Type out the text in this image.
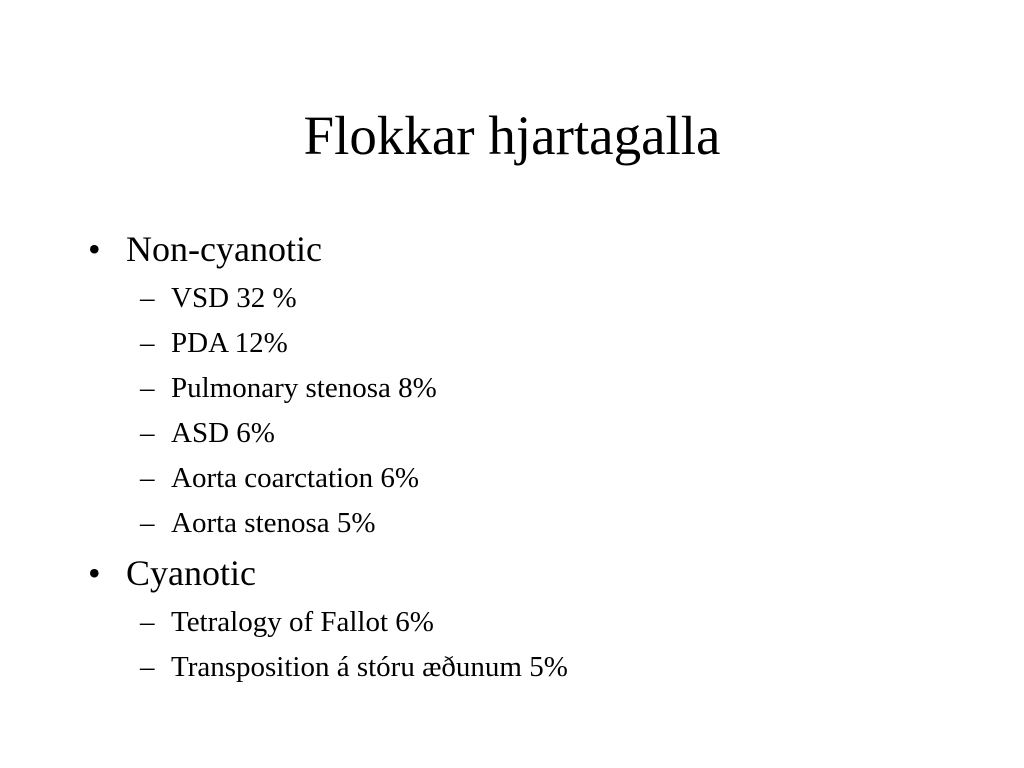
Flokkar hjartagalla
• Non-cyanotic
– VSD 32 %
– PDA 12%
– Pulmonary stenosa 8%
– ASD 6%
– Aorta coarctation 6%
– Aorta stenosa 5%
• Cyanotic
– Tetralogy of Fallot 6%
– Transposition á stóru æðunum 5%
